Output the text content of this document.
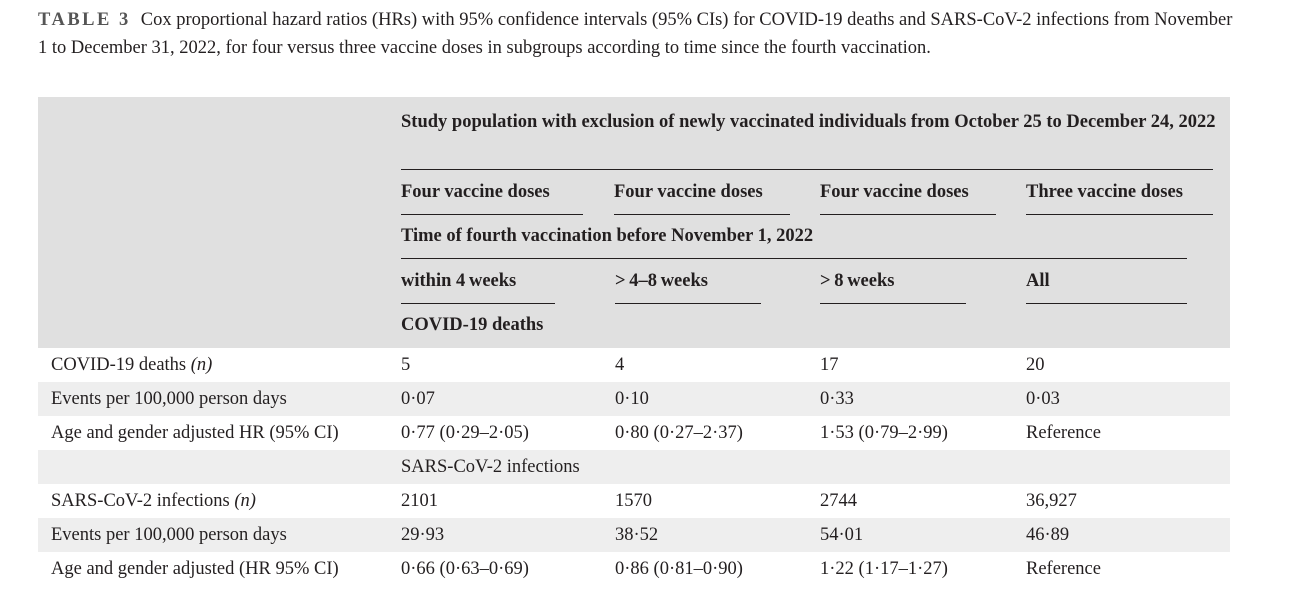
TABLE 3 Cox proportional hazard ratios (HRs) with 95% confidence intervals (95% CIs) for COVID-19 deaths and SARS-CoV-2 infections from November 1 to December 31, 2022, for four versus three vaccine doses in subgroups according to time since the fourth vaccination.
Study population with exclusion of newly vaccinated individuals from October 25 to December 24, 2022
Four vaccine doses	Four vaccine doses	Four vaccine doses	Three vaccine doses
Time of fourth vaccination before November 1, 2022
within 4 weeks	> 4–8 weeks	> 8 weeks	All
COVID-19 deaths
COVID-19 deaths (n)	5	4	17	20
Events per 100,000 person days	0·07	0·10	0·33	0·03
Age and gender adjusted HR (95% CI)	0·77 (0·29–2·05)	0·80 (0·27–2·37)	1·53 (0·79–2·99)	Reference
SARS-CoV-2 infections
SARS-CoV-2 infections (n)	2101	1570	2744	36,927
Events per 100,000 person days	29·93	38·52	54·01	46·89
Age and gender adjusted (HR 95% CI)	0·66 (0·63–0·69)	0·86 (0·81–0·90)	1·22 (1·17–1·27)	Reference
